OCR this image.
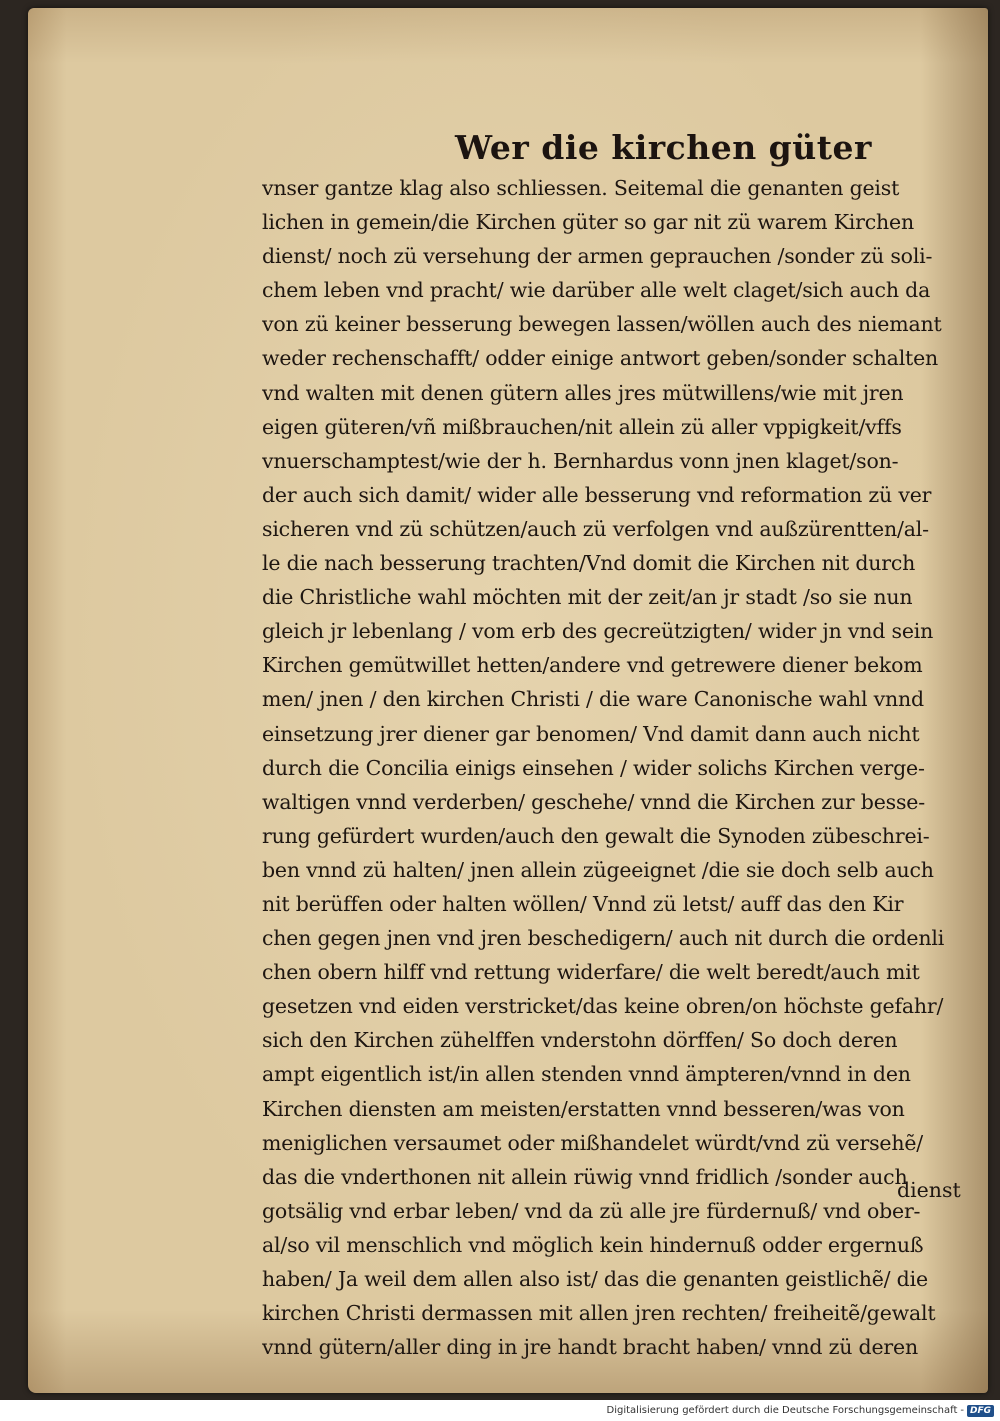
Wer die kirchen güter
vnser gantze klag also schliessen. Seitemal die genanten geist
lichen in gemein/die Kirchen güter so gar nit zü warem Kirchen
dienst/ noch zü versehung der armen geprauchen /sonder zü soli-
chem leben vnd pracht/ wie darüber alle welt claget/sich auch da
von zü keiner besserung bewegen lassen/wöllen auch des niemant
weder rechenschafft/ odder einige antwort geben/sonder schalten
vnd walten mit denen gütern alles jres mütwillens/wie mit jren
eigen güteren/vñ mißbrauchen/nit allein zü aller vppigkeit/vffs
vnuerschamptest/wie der h. Bernhardus vonn jnen klaget/son-
der auch sich damit/ wider alle besserung vnd reformation zü ver
sicheren vnd zü schützen/auch zü verfolgen vnd außzürentten/al-
le die nach besserung trachten/Vnd domit die Kirchen nit durch
die Christliche wahl möchten mit der zeit/an jr stadt /so sie nun
gleich jr lebenlang / vom erb des gecreützigten/ wider jn vnd sein
Kirchen gemütwillet hetten/andere vnd getrewere diener bekom
men/ jnen / den kirchen Christi / die ware Canonische wahl vnnd
einsetzung jrer diener gar benomen/ Vnd damit dann auch nicht
durch die Concilia einigs einsehen / wider solichs Kirchen verge-
waltigen vnnd verderben/ geschehe/ vnnd die Kirchen zur besse-
rung gefürdert wurden/auch den gewalt die Synoden zübeschrei-
ben vnnd zü halten/ jnen allein zügeeignet /die sie doch selb auch
nit berüffen oder halten wöllen/ Vnnd zü letst/ auff das den Kir
chen gegen jnen vnd jren beschedigern/ auch nit durch die ordenli
chen obern hilff vnd rettung widerfare/ die welt beredt/auch mit
gesetzen vnd eiden verstricket/das keine obren/on höchste gefahr/
sich den Kirchen zühelffen vnderstohn dörffen/ So doch deren
ampt eigentlich ist/in allen stenden vnnd ämpteren/vnnd in den
Kirchen diensten am meisten/erstatten vnnd besseren/was von
meniglichen versaumet oder mißhandelet würdt/vnd zü versehẽ/
das die vnderthonen nit allein rüwig vnnd fridlich /sonder auch
gotsälig vnd erbar leben/ vnd da zü alle jre fürdernuß/ vnd ober-
al/so vil menschlich vnd möglich kein hindernuß odder ergernuß
haben/ Ja weil dem allen also ist/ das die genanten geistlichẽ/ die
kirchen Christi dermassen mit allen jren rechten/ freiheitẽ/gewalt
vnnd gütern/aller ding in jre handt bracht haben/ vnnd zü deren
dienst
Digitalisierung gefördert durch die Deutsche Forschungsgemeinschaft - DFG
